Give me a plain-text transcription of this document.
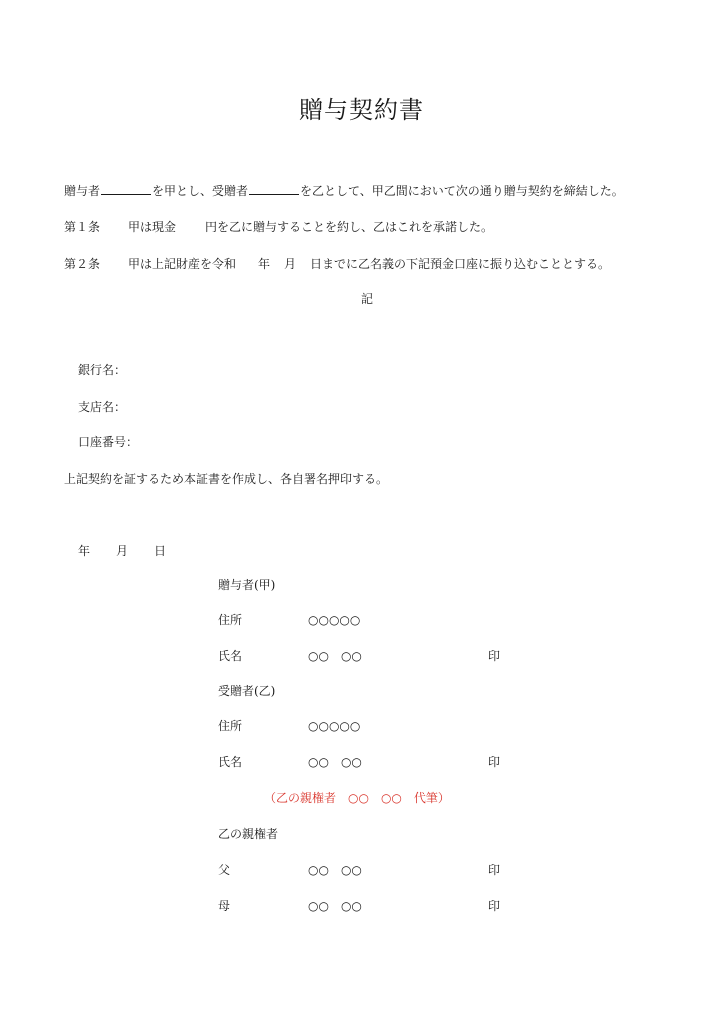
贈与契約書
贈与者	を甲とし、受贈者	を乙として、甲乙間において次の通り贈与契約を締結した。
第１条 甲は現金 円を乙に贈与することを約し、乙はこれを承諾した。
第２条 甲は上記財産を令和 年 月 日までに乙名義の下記預金口座に振り込むこととする。
記
銀行名：
支店名：
口座番号：
上記契約を証するため本証書を作成し、各自署名押印する。
年 月 日
贈与者(甲)
住所	○○○○○
氏名	○○　○○	印
受贈者(乙)
住所	○○○○○
氏名	○○　○○	印
（乙の親権者　○○　○○　代筆）
乙の親権者
父	○○　○○	印
母	○○　○○	印
